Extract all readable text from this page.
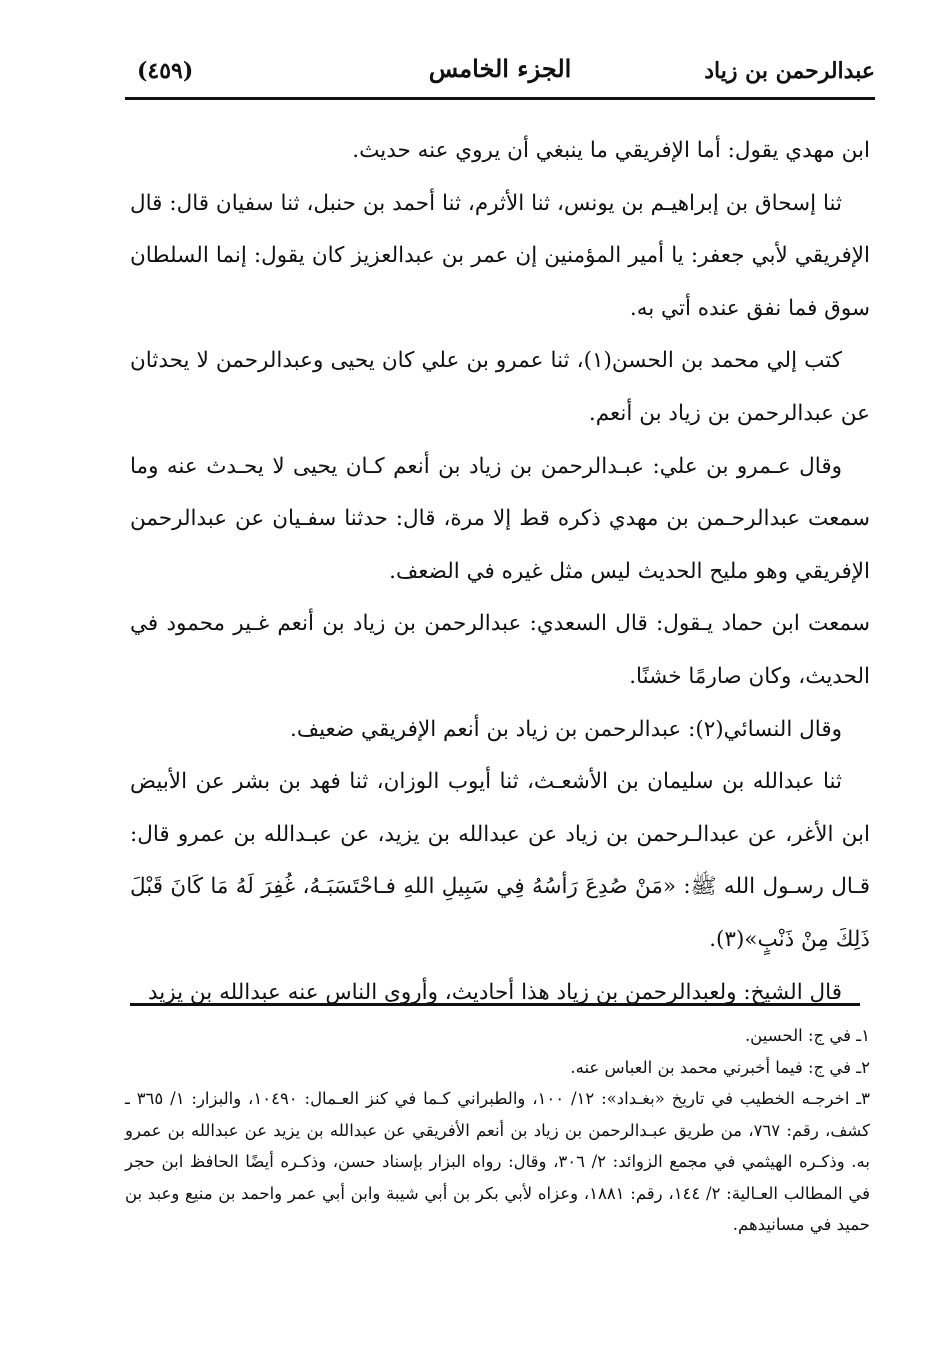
عبدالرحمن بن زياد
الجزء الخامس
(٤٥٩)

ابن مهدي يقول: أما الإفريقي ما ينبغي أن يروي عنه حديث.

ثنا إسحاق بن إبراهيـم بن يونس، ثنا الأثرم، ثنا أحمد بن حنبل، ثنا سفيان قال: قال الإفريقي لأبي جعفر: يا أمير المؤمنين إن عمر بن عبدالعزيز كان يقول: إنما السلطان سوق فما نفق عنده أتي به.

كتب إلي محمد بن الحسن(١)، ثنا عمرو بن علي كان يحيى وعبدالرحمن لا يحدثان عن عبدالرحمن بن زياد بن أنعم.

وقال عـمرو بن علي: عبـدالرحمن بن زياد بن أنعم كـان يحيى لا يحـدث عنه وما سمعت عبدالرحـمن بن مهدي ذكره قط إلا مرة، قال: حدثنا سفـيان عن عبدالرحمن الإفريقي وهو مليح الحديث ليس مثل غيره في الضعف.

سمعت ابن حماد يـقول: قال السعدي: عبدالرحمن بن زياد بن أنعم غـير محمود في الحديث، وكان صارمًا خشنًا.

وقال النسائي(٢): عبدالرحمن بن زياد بن أنعم الإفريقي ضعيف.

ثنا عبدالله بن سليمان بن الأشعـث، ثنا أيوب الوزان، ثنا فهد بن بشر عن الأبيض ابن الأغر، عن عبدالـرحمن بن زياد عن عبدالله بن يزيد، عن عبـدالله بن عمرو قال: قـال رسـول الله ﷺ: «مَنْ صُدِعَ رَأسُهُ فِي سَبِيلِ اللهِ فـاحْتَسَبَـهُ، غُفِرَ لَهُ مَا كَانَ قَبْلَ ذَلِكَ مِنْ ذَنْبٍ»(٣).

قال الشيخ: ولعبدالرحمن بن زياد هذا أحاديث، وأروى الناس عنه عبدالله بن يزيد

١ـ في ج: الحسين.

٢ـ في ج: فيما أخبرني محمد بن العباس عنه.

٣ـ اخرجـه الخطيب في تاريخ «بغـداد»: ١٢/ ١٠٠، والطبراني كـما في كنز العـمال: ١٠٤٩٠، والبزار: ١/ ٣٦٥ ـ كشف، رقم: ٧٦٧، من طريق عبـدالرحمن بن زياد بن أنعم الأفريقي عن عبدالله بن يزيد عن عبدالله بن عمرو به. وذكـره الهيثمي في مجمع الزوائد: ٢/ ٣٠٦، وقال: رواه البزار بإسناد حسن، وذكـره أيضًا الحافظ ابن حجر في المطالب العـالية: ٢/ ١٤٤، رقم: ١٨٨١، وعزاه لأبي بكر بن أبي شيبة وابن أبي عمر واحمد بن منيع وعبد بن حميد في مسانيدهم.
